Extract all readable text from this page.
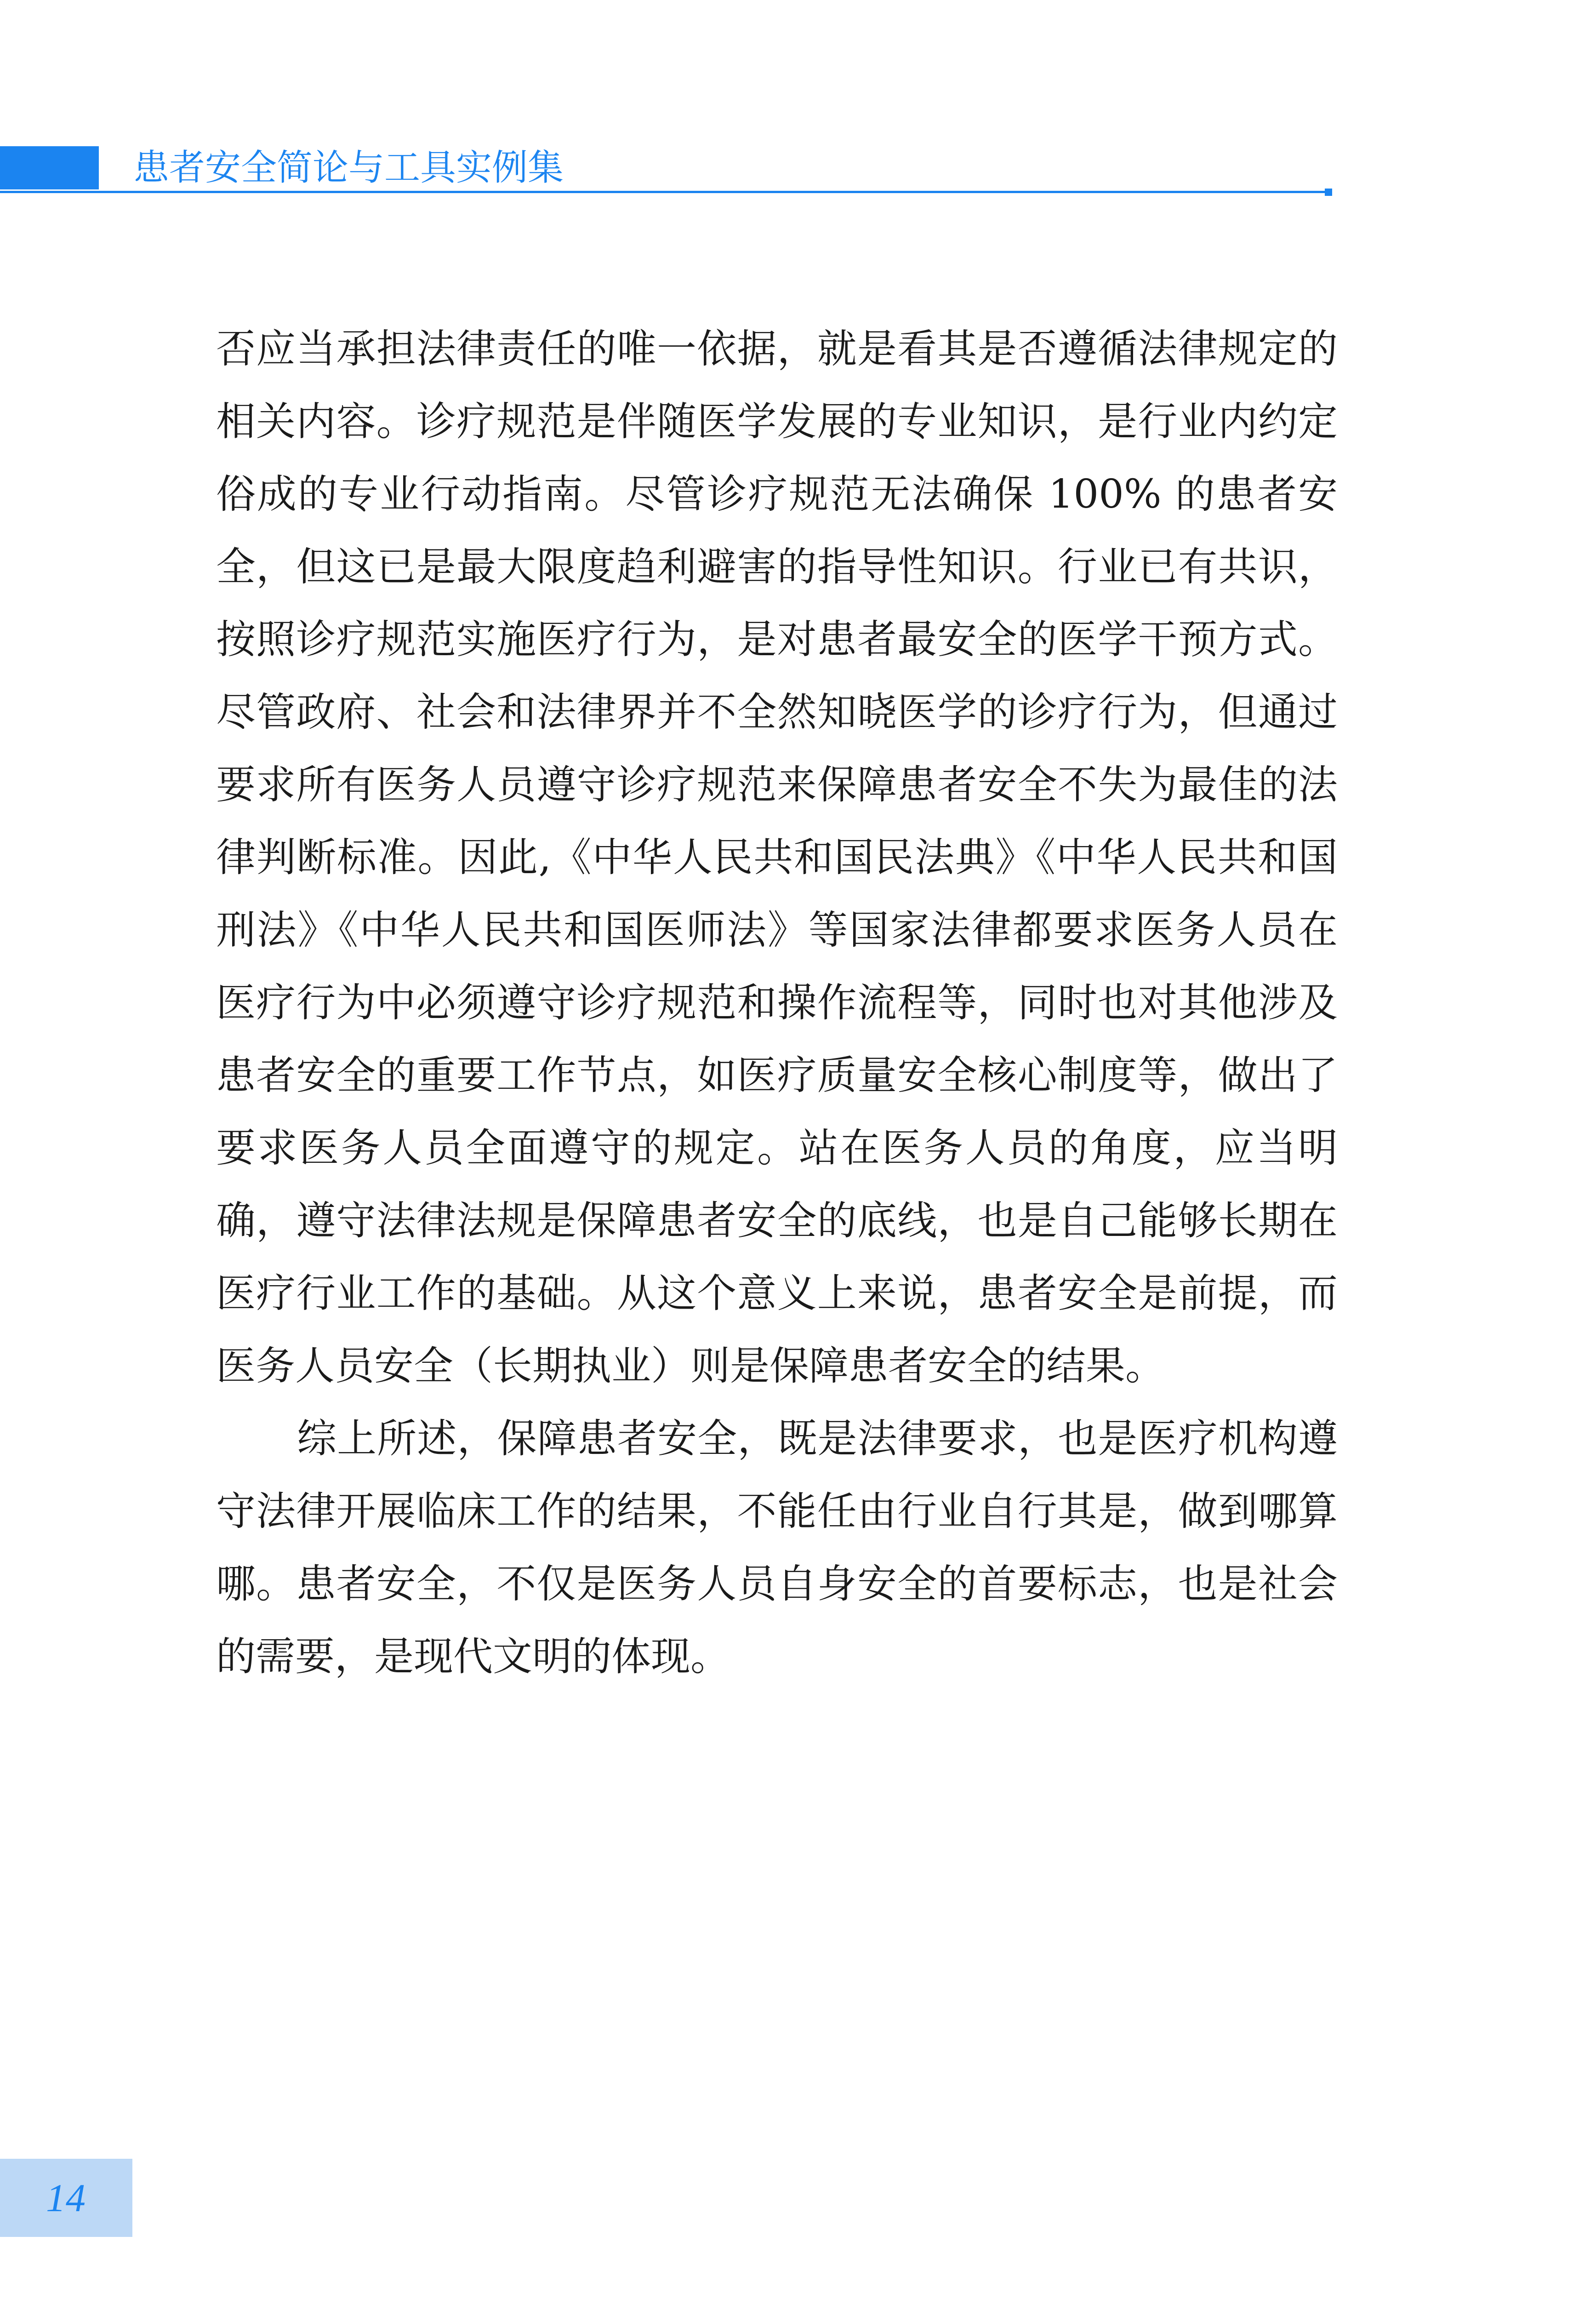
患者安全简论与工具实例集

否应当承担法律责任的唯一依据，就是看其是否遵循法律规定的相关内容。诊疗规范是伴随医学发展的专业知识，是行业内约定俗成的专业行动指南。尽管诊疗规范无法确保 100% 的患者安全，但这已是最大限度趋利避害的指导性知识。行业已有共识，按照诊疗规范实施医疗行为，是对患者最安全的医学干预方式。尽管政府、社会和法律界并不全然知晓医学的诊疗行为，但通过要求所有医务人员遵守诊疗规范来保障患者安全不失为最佳的法律判断标准。因此,《中华人民共和国民法典》《中华人民共和国刑法》《中华人民共和国医师法》等国家法律都要求医务人员在医疗行为中必须遵守诊疗规范和操作流程等，同时也对其他涉及患者安全的重要工作节点，如医疗质量安全核心制度等，做出了要求医务人员全面遵守的规定。站在医务人员的角度，应当明确，遵守法律法规是保障患者安全的底线，也是自己能够长期在医疗行业工作的基础。从这个意义上来说，患者安全是前提，而医务人员安全（长期执业）则是保障患者安全的结果。

综上所述，保障患者安全，既是法律要求，也是医疗机构遵守法律开展临床工作的结果，不能任由行业自行其是，做到哪算哪。患者安全，不仅是医务人员自身安全的首要标志，也是社会的需要，是现代文明的体现。

14
